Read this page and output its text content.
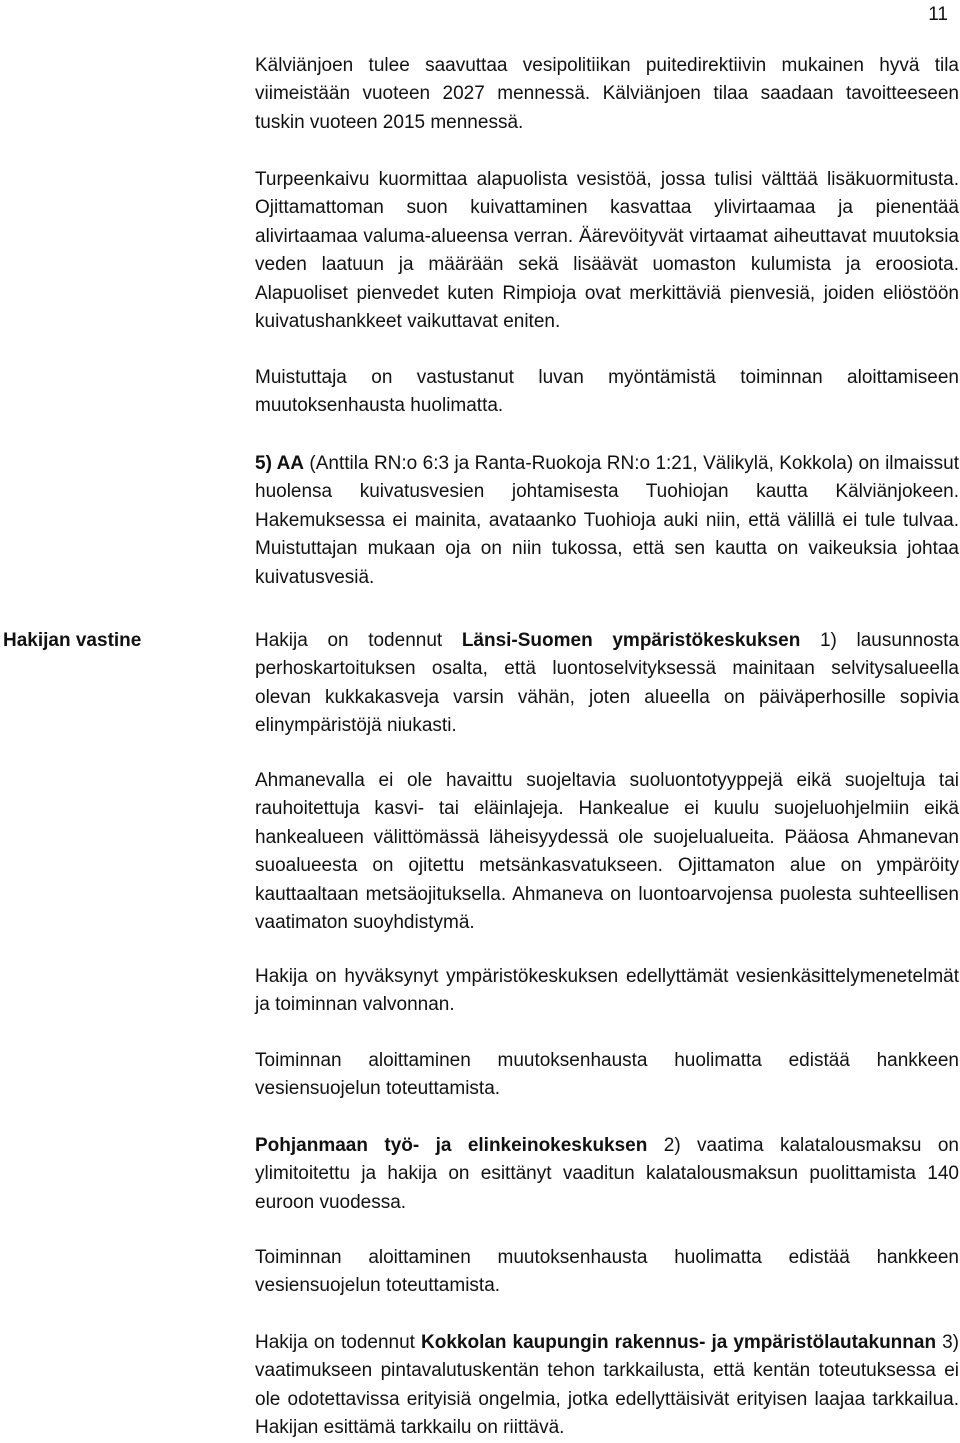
11
Hakijan vastine

Kälviänjoen tulee saavuttaa vesipolitiikan puitedirektiivin mukainen hyvä tila viimeistään vuoteen 2027 mennessä. Kälviänjoen tilaa saadaan tavoitteeseen tuskin vuoteen 2015 mennessä.

Turpeenkaivu kuormittaa alapuolista vesistöä, jossa tulisi välttää lisäkuormitusta. Ojittamattoman suon kuivattaminen kasvattaa ylivirtaamaa ja pienentää alivirtaamaa valuma-alueensa verran. Äärevöityvät virtaamat aiheuttavat muutoksia veden laatuun ja määrään sekä lisäävät uomaston kulumista ja eroosiota. Alapuoliset pienvedet kuten Rimpioja ovat merkittäviä pienvesiä, joiden eliöstöön kuivatushankkeet vaikuttavat eniten.

Muistuttaja on vastustanut luvan myöntämistä toiminnan aloittamiseen muutoksenhausta huolimatta.

5) AA (Anttila RN:o 6:3 ja Ranta-Ruokoja RN:o 1:21, Välikylä, Kokkola) on ilmaissut huolensa kuivatusvesien johtamisesta Tuohiojan kautta Kälviänjokeen. Hakemuksessa ei mainita, avataanko Tuohioja auki niin, että välillä ei tule tulvaa. Muistuttajan mukaan oja on niin tukossa, että sen kautta on vaikeuksia johtaa kuivatusvesiä.

Hakija on todennut Länsi-Suomen ympäristökeskuksen 1) lausunnosta perhoskartoituksen osalta, että luontoselvityksessä mainitaan selvitysalueella olevan kukkakasveja varsin vähän, joten alueella on päiväperhosille sopivia elinympäristöjä niukasti.

Ahmanevalla ei ole havaittu suojeltavia suoluontotyyppejä eikä suojeltuja tai rauhoitettuja kasvi- tai eläinlajeja. Hankealue ei kuulu suojeluohjelmiin eikä hankealueen välittömässä läheisyydessä ole suojelualueita. Pääosa Ahmanevan suoalueesta on ojitettu metsänkasvatukseen. Ojittamaton alue on ympäröity kauttaaltaan metsäojituksella. Ahmaneva on luontoarvojensa puolesta suhteellisen vaatimaton suoyhdistymä.

Hakija on hyväksynyt ympäristökeskuksen edellyttämät vesienkäsittelymenetelmät ja toiminnan valvonnan.

Toiminnan aloittaminen muutoksenhausta huolimatta edistää hankkeen vesiensuojelun toteuttamista.

Pohjanmaan työ- ja elinkeinokeskuksen 2) vaatima kalatalousmaksu on ylimitoitettu ja hakija on esittänyt vaaditun kalatalousmaksun puolittamista 140 euroon vuodessa.

Toiminnan aloittaminen muutoksenhausta huolimatta edistää hankkeen vesiensuojelun toteuttamista.

Hakija on todennut Kokkolan kaupungin rakennus- ja ympäristölautakunnan 3) vaatimukseen pintavalutuskentän tehon tarkkailusta, että kentän toteutuksessa ei ole odotettavissa erityisiä ongelmia, jotka edellyttäisivät erityisen laajaa tarkkailua. Hakijan esittämä tarkkailu on riittävä.
